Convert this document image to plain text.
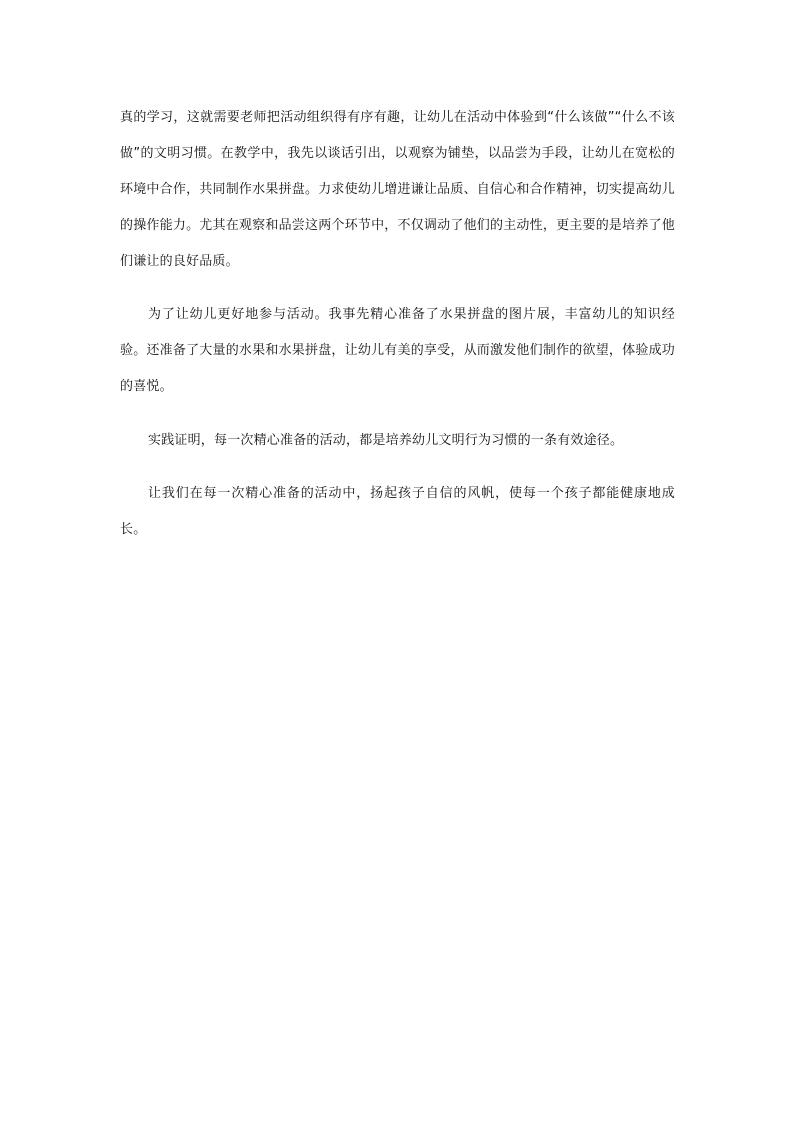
真的学习，这就需要老师把活动组织得有序有趣，让幼儿在活动中体验到“什么该做”“什么不该做”的文明习惯。在教学中，我先以谈话引出，以观察为铺垫，以品尝为手段，让幼儿在宽松的环境中合作，共同制作水果拼盘。力求使幼儿增进谦让品质、自信心和合作精神，切实提高幼儿的操作能力。尤其在观察和品尝这两个环节中，不仅调动了他们的主动性，更主要的是培养了他们谦让的良好品质。

为了让幼儿更好地参与活动。我事先精心准备了水果拼盘的图片展，丰富幼儿的知识经验。还准备了大量的水果和水果拼盘，让幼儿有美的享受，从而激发他们制作的欲望，体验成功的喜悦。

实践证明，每一次精心准备的活动，都是培养幼儿文明行为习惯的一条有效途径。

让我们在每一次精心准备的活动中，扬起孩子自信的风帆，使每一个孩子都能健康地成长。
